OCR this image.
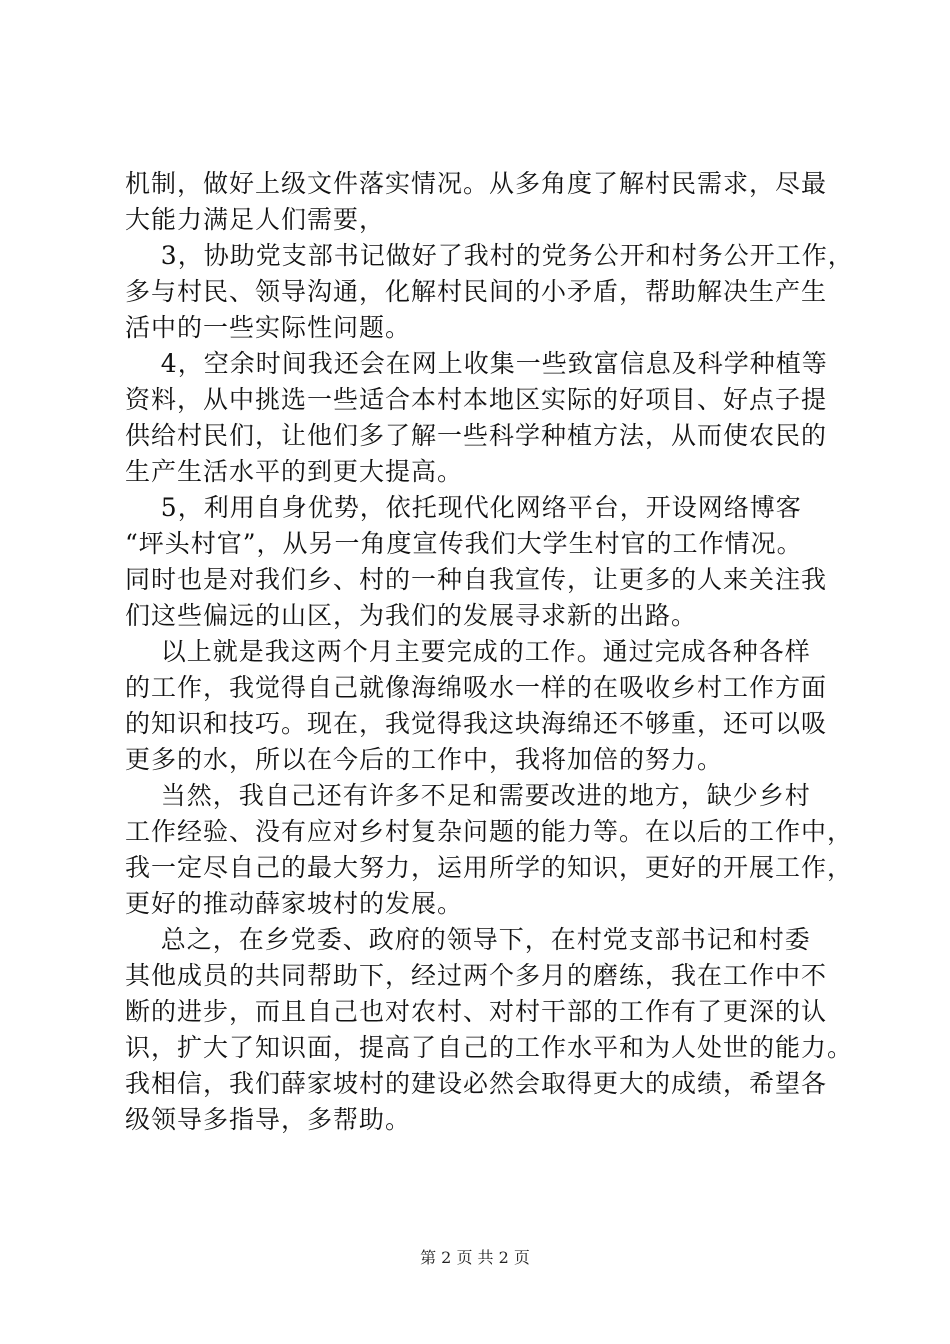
机制，做好上级文件落实情况。从多角度了解村民需求，尽最

大能力满足人们需要，

3，协助党支部书记做好了我村的党务公开和村务公开工作，

多与村民、领导沟通，化解村民间的小矛盾，帮助解决生产生

活中的一些实际性问题。

4，空余时间我还会在网上收集一些致富信息及科学种植等

资料，从中挑选一些适合本村本地区实际的好项目、好点子提

供给村民们，让他们多了解一些科学种植方法，从而使农民的

生产生活水平的到更大提高。

5，利用自身优势，依托现代化网络平台，开设网络博客

“坪头村官”，从另一角度宣传我们大学生村官的工作情况。

同时也是对我们乡、村的一种自我宣传，让更多的人来关注我

们这些偏远的山区，为我们的发展寻求新的出路。

以上就是我这两个月主要完成的工作。通过完成各种各样

的工作，我觉得自己就像海绵吸水一样的在吸收乡村工作方面

的知识和技巧。现在，我觉得我这块海绵还不够重，还可以吸

更多的水，所以在今后的工作中，我将加倍的努力。

当然，我自己还有许多不足和需要改进的地方，缺少乡村

工作经验、没有应对乡村复杂问题的能力等。在以后的工作中，

我一定尽自己的最大努力，运用所学的知识，更好的开展工作，

更好的推动薛家坡村的发展。

总之，在乡党委、政府的领导下，在村党支部书记和村委

其他成员的共同帮助下，经过两个多月的磨练，我在工作中不

断的进步，而且自己也对农村、对村干部的工作有了更深的认

识，扩大了知识面，提高了自己的工作水平和为人处世的能力。

我相信，我们薛家坡村的建设必然会取得更大的成绩，希望各

级领导多指导，多帮助。

第 2 页 共 2 页
